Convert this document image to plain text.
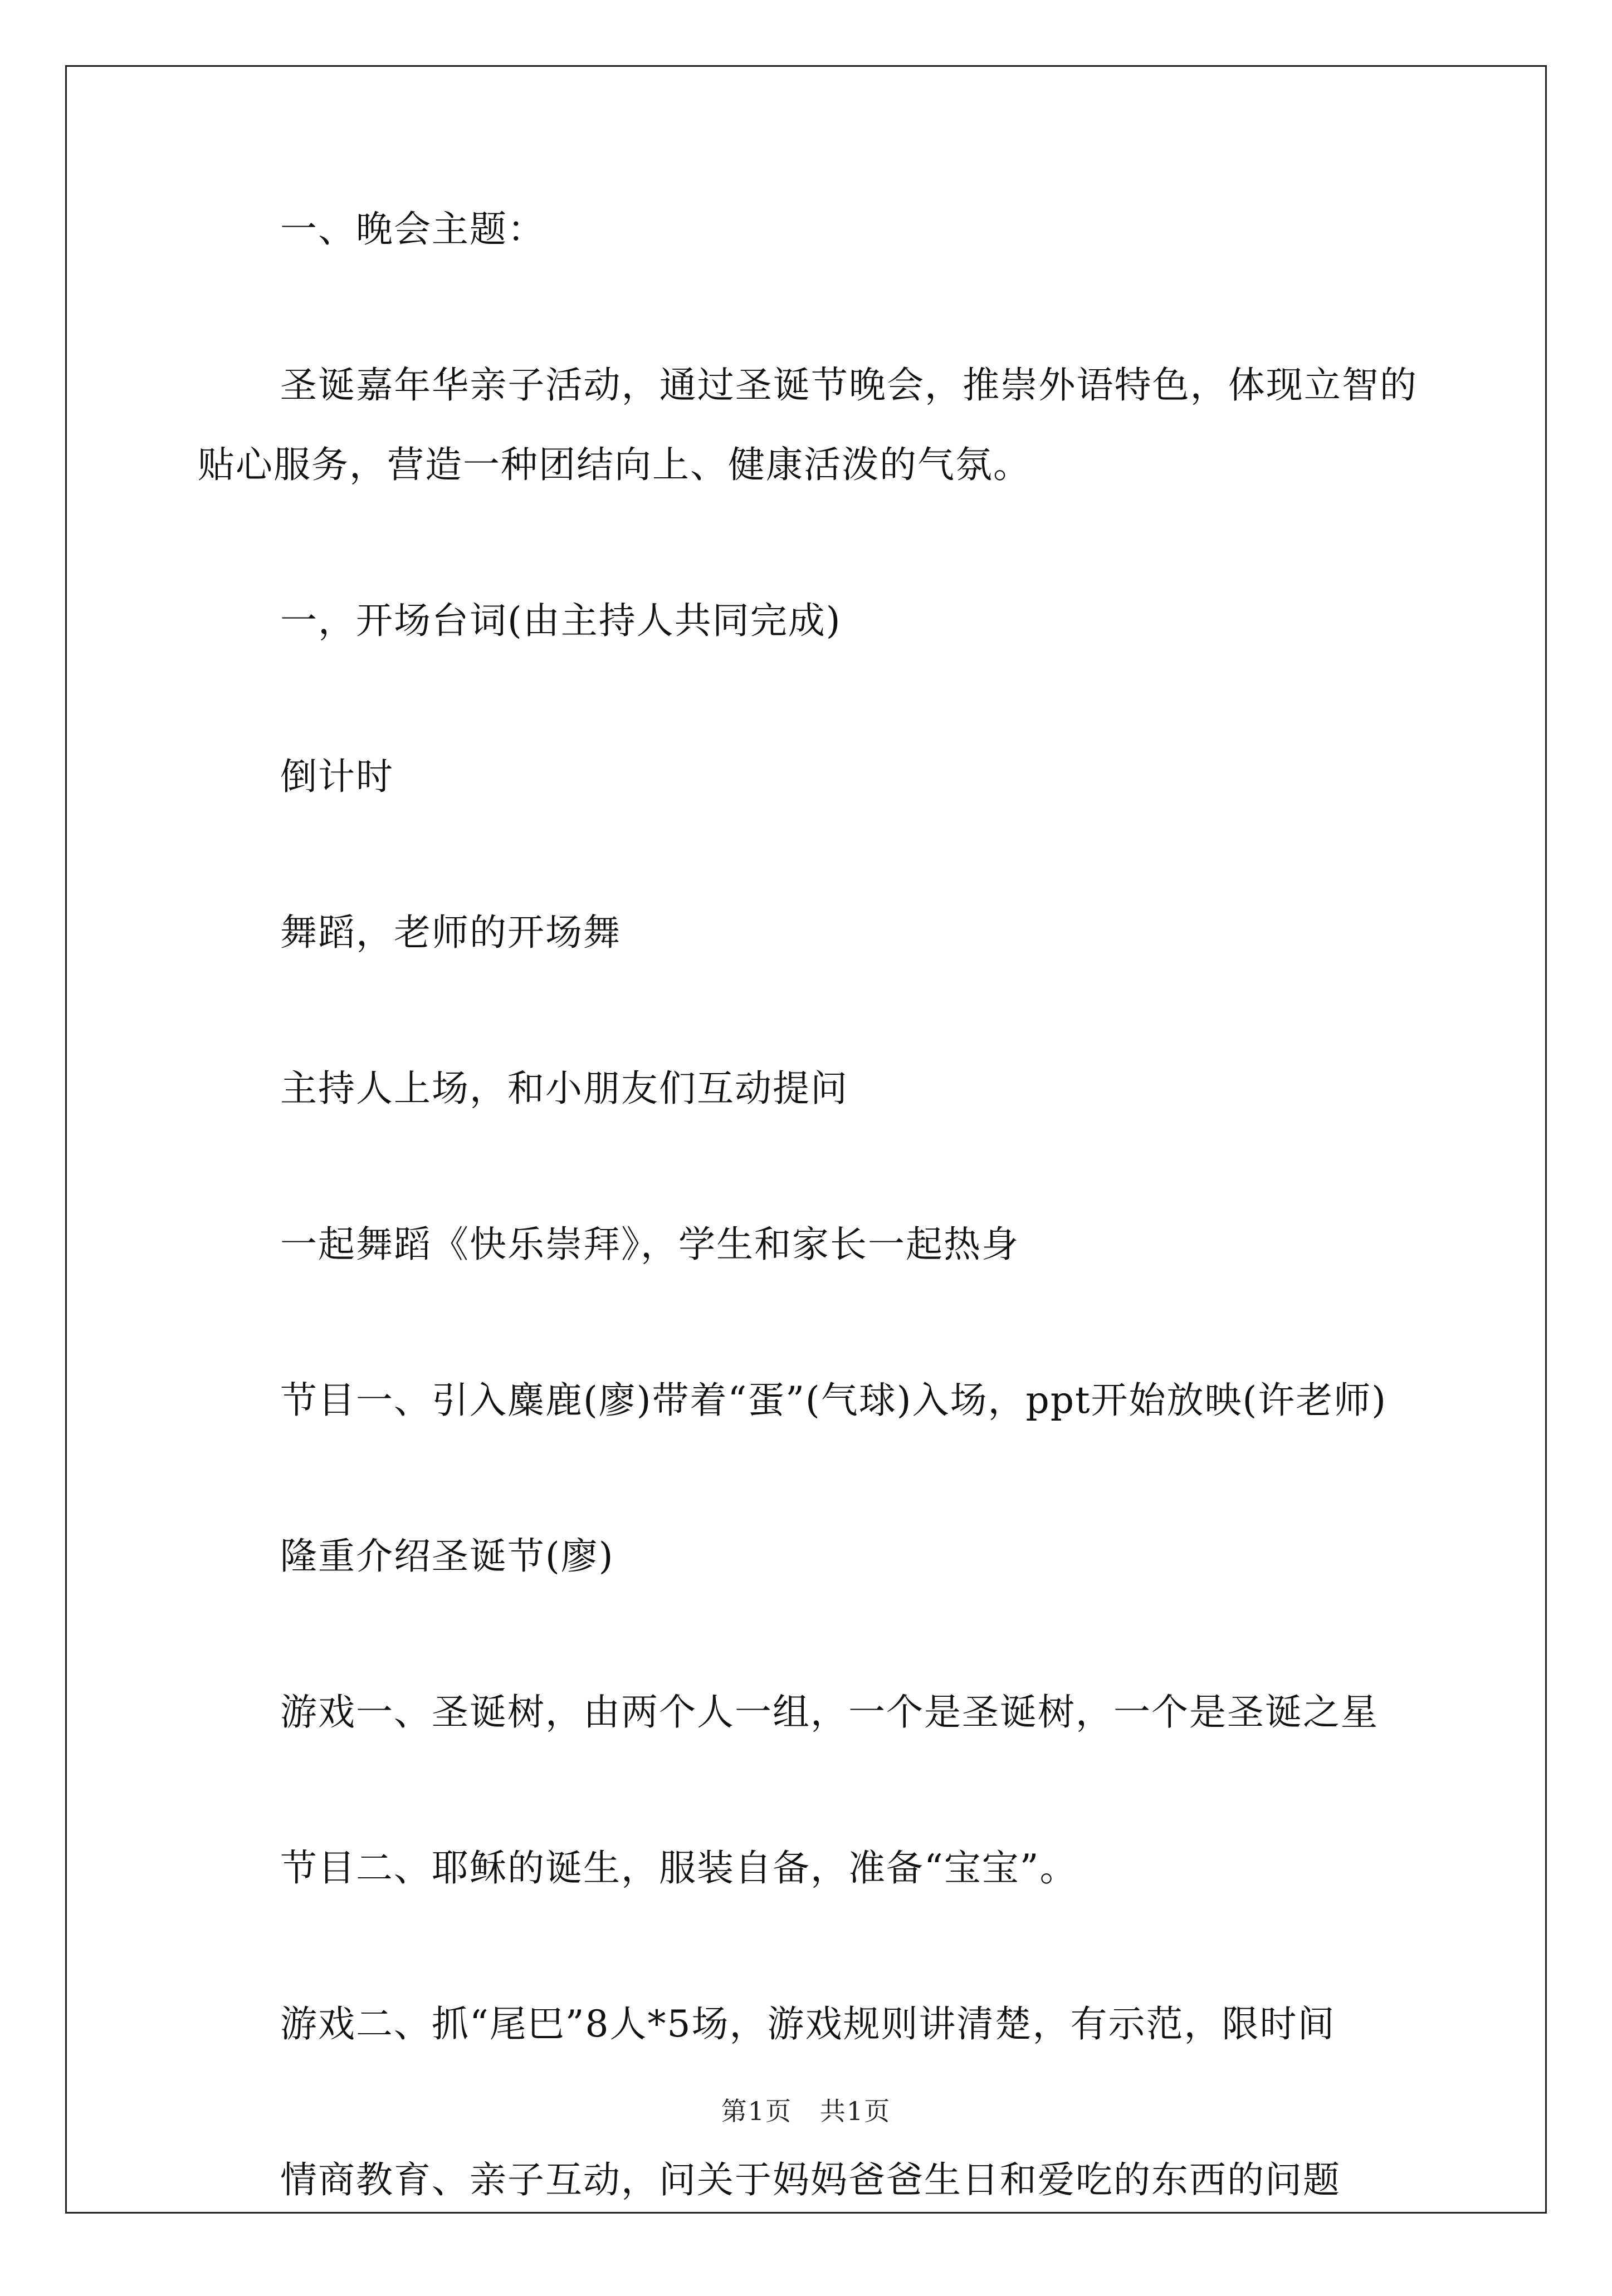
一、晚会主题：

圣诞嘉年华亲子活动，通过圣诞节晚会，推崇外语特色，体现立智的贴心服务，营造一种团结向上、健康活泼的气氛。

一，开场台词(由主持人共同完成)

倒计时

舞蹈，老师的开场舞

主持人上场，和小朋友们互动提问

一起舞蹈《快乐崇拜》，学生和家长一起热身

节目一、引入麋鹿(廖)带着“蛋”(气球)入场，ppt开始放映(许老师)

隆重介绍圣诞节(廖)

游戏一、圣诞树，由两个人一组，一个是圣诞树，一个是圣诞之星

节目二、耶稣的诞生，服装自备，准备“宝宝”。

游戏二、抓“尾巴”8人*5场，游戏规则讲清楚，有示范，限时间

情商教育、亲子互动，问关于妈妈爸爸生日和爱吃的东西的问题

第1页   共1页
